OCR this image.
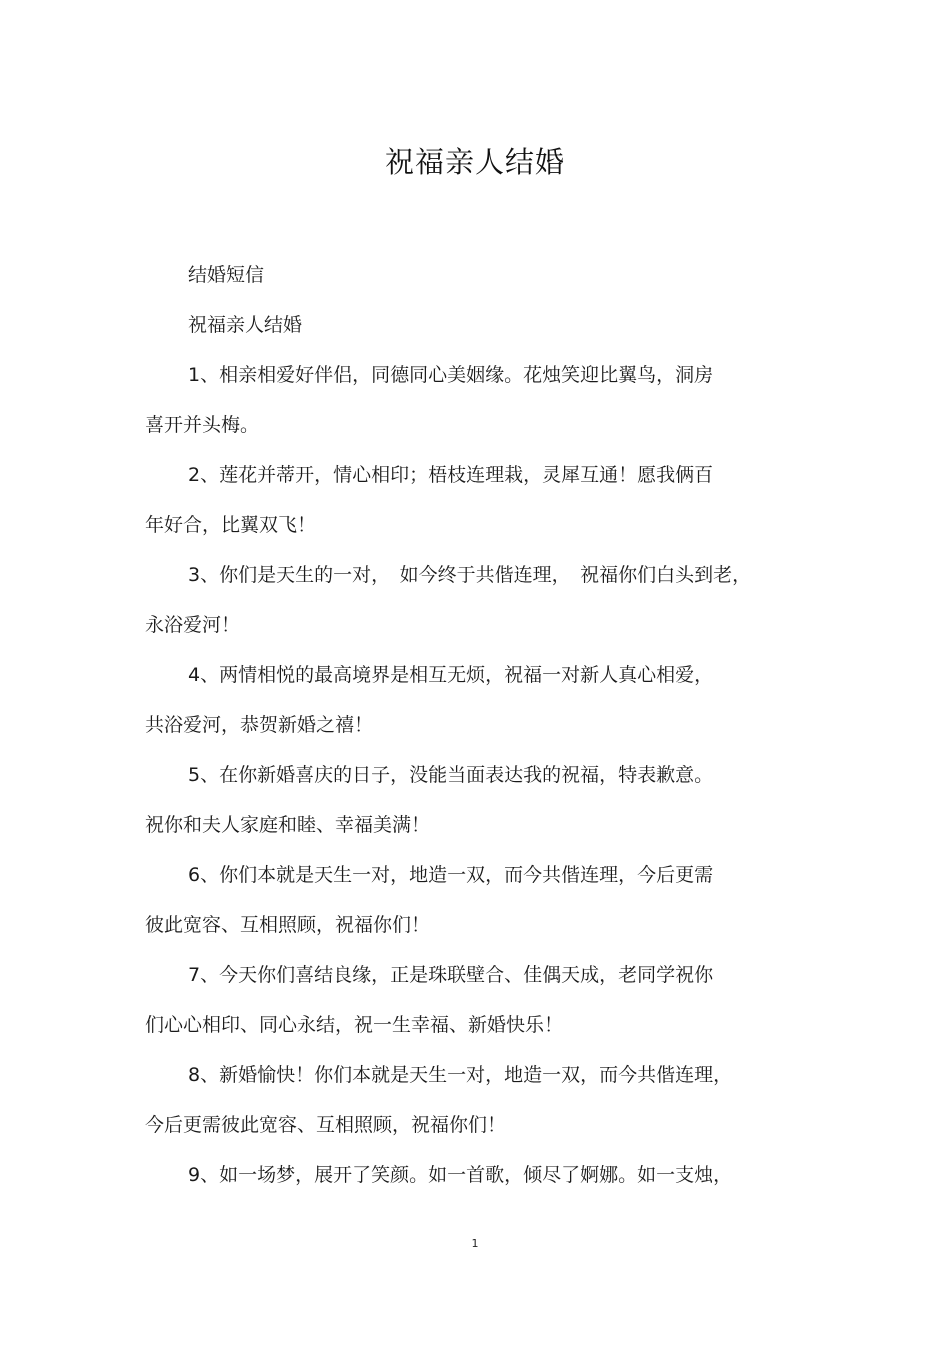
祝福亲人结婚
结婚短信
祝福亲人结婚
1、相亲相爱好伴侣，同德同心美姻缘。花烛笑迎比翼鸟，洞房
喜开并头梅。
2、莲花并蒂开，情心相印；梧枝连理栽，灵犀互通！愿我俩百
年好合，比翼双飞！
3、你们是天生的一对，　如今终于共偕连理，　祝福你们白头到老，
永浴爱河！
4、两情相悦的最高境界是相互无烦，祝福一对新人真心相爱，
共浴爱河，恭贺新婚之禧！
5、在你新婚喜庆的日子，没能当面表达我的祝福，特表歉意。
祝你和夫人家庭和睦、幸福美满！
6、你们本就是天生一对，地造一双，而今共偕连理，今后更需
彼此宽容、互相照顾，祝福你们！
7、今天你们喜结良缘，正是珠联壁合、佳偶天成，老同学祝你
们心心相印、同心永结，祝一生幸福、新婚快乐！
8、新婚愉快！你们本就是天生一对，地造一双，而今共偕连理，
今后更需彼此宽容、互相照顾，祝福你们！
9、如一场梦，展开了笑颜。如一首歌，倾尽了婀娜。如一支烛，
1
